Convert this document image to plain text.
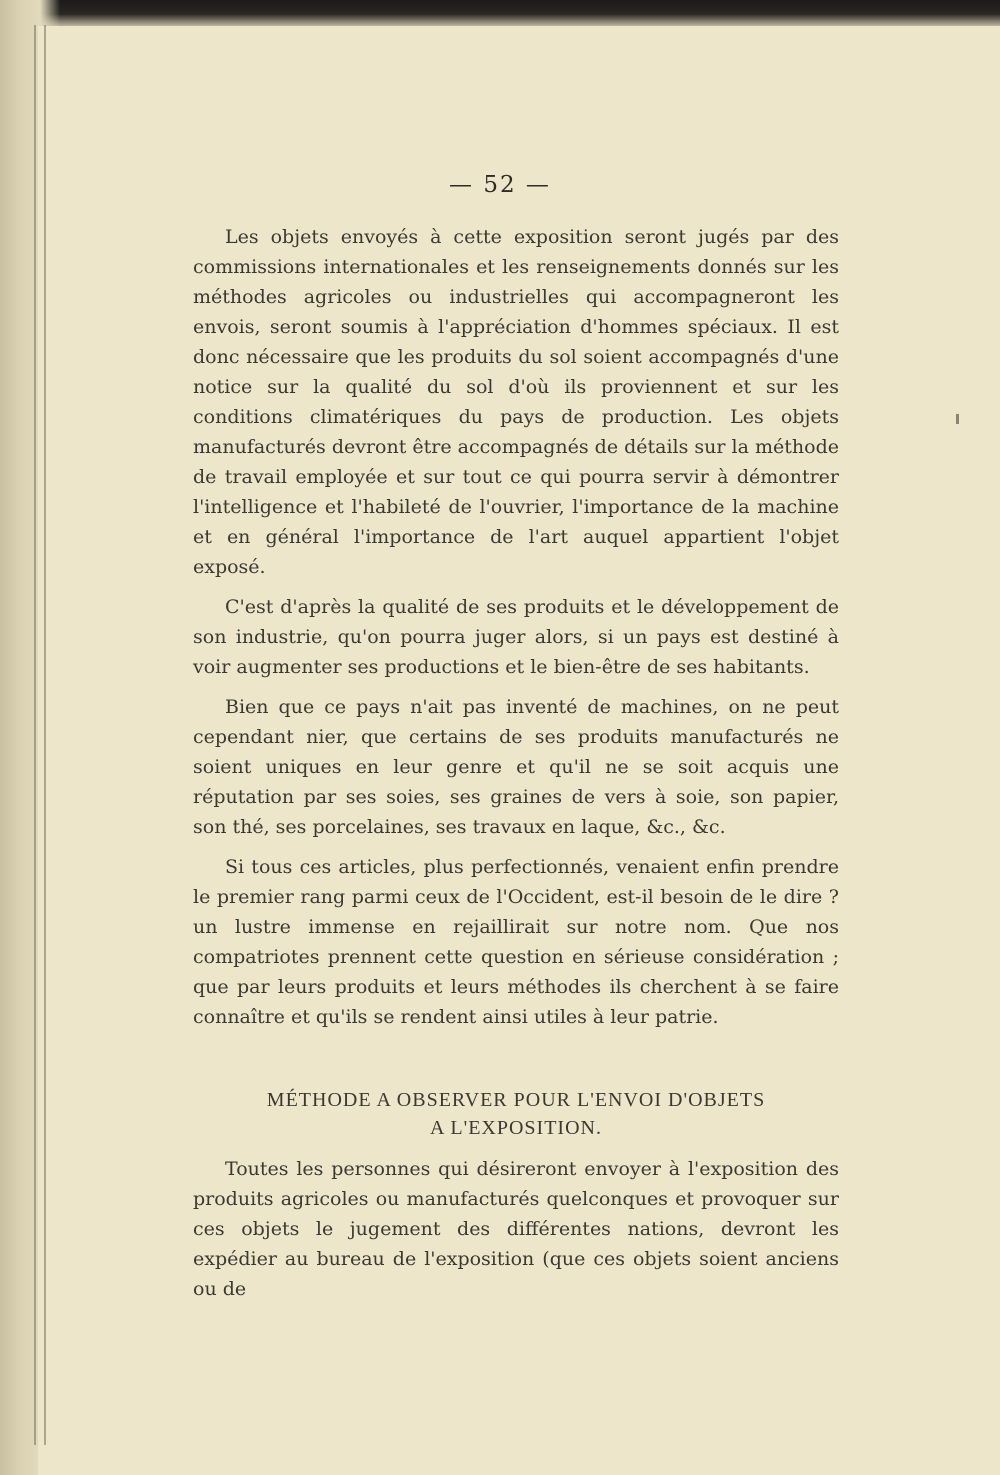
— 52 —

Les objets envoyés à cette exposition seront jugés par des commissions internationales et les renseignements donnés sur les méthodes agricoles ou industrielles qui accompagneront les envois, seront soumis à l'appréciation d'hommes spéciaux. Il est donc nécessaire que les produits du sol soient accompagnés d'une notice sur la qualité du sol d'où ils proviennent et sur les conditions climatériques du pays de production. Les objets manufacturés devront être accompagnés de détails sur la méthode de travail employée et sur tout ce qui pourra servir à démontrer l'intelligence et l'habileté de l'ouvrier, l'importance de la machine et en général l'importance de l'art auquel appartient l'objet exposé.

C'est d'après la qualité de ses produits et le développement de son industrie, qu'on pourra juger alors, si un pays est destiné à voir augmenter ses productions et le bien-être de ses habitants.

Bien que ce pays n'ait pas inventé de machines, on ne peut cependant nier, que certains de ses produits manufacturés ne soient uniques en leur genre et qu'il ne se soit acquis une réputation par ses soies, ses graines de vers à soie, son papier, son thé, ses porcelaines, ses travaux en laque, &c., &c.

Si tous ces articles, plus perfectionnés, venaient enfin prendre le premier rang parmi ceux de l'Occident, est-il besoin de le dire ? un lustre immense en rejaillirait sur notre nom. Que nos compatriotes prennent cette question en sérieuse considération ; que par leurs produits et leurs méthodes ils cherchent à se faire connaître et qu'ils se rendent ainsi utiles à leur patrie.

MÉTHODE A OBSERVER POUR L'ENVOI D'OBJETS
A L'EXPOSITION.

Toutes les personnes qui désireront envoyer à l'exposition des produits agricoles ou manufacturés quelconques et provoquer sur ces objets le jugement des différentes nations, devront les expédier au bureau de l'exposition (que ces objets soient anciens ou de
